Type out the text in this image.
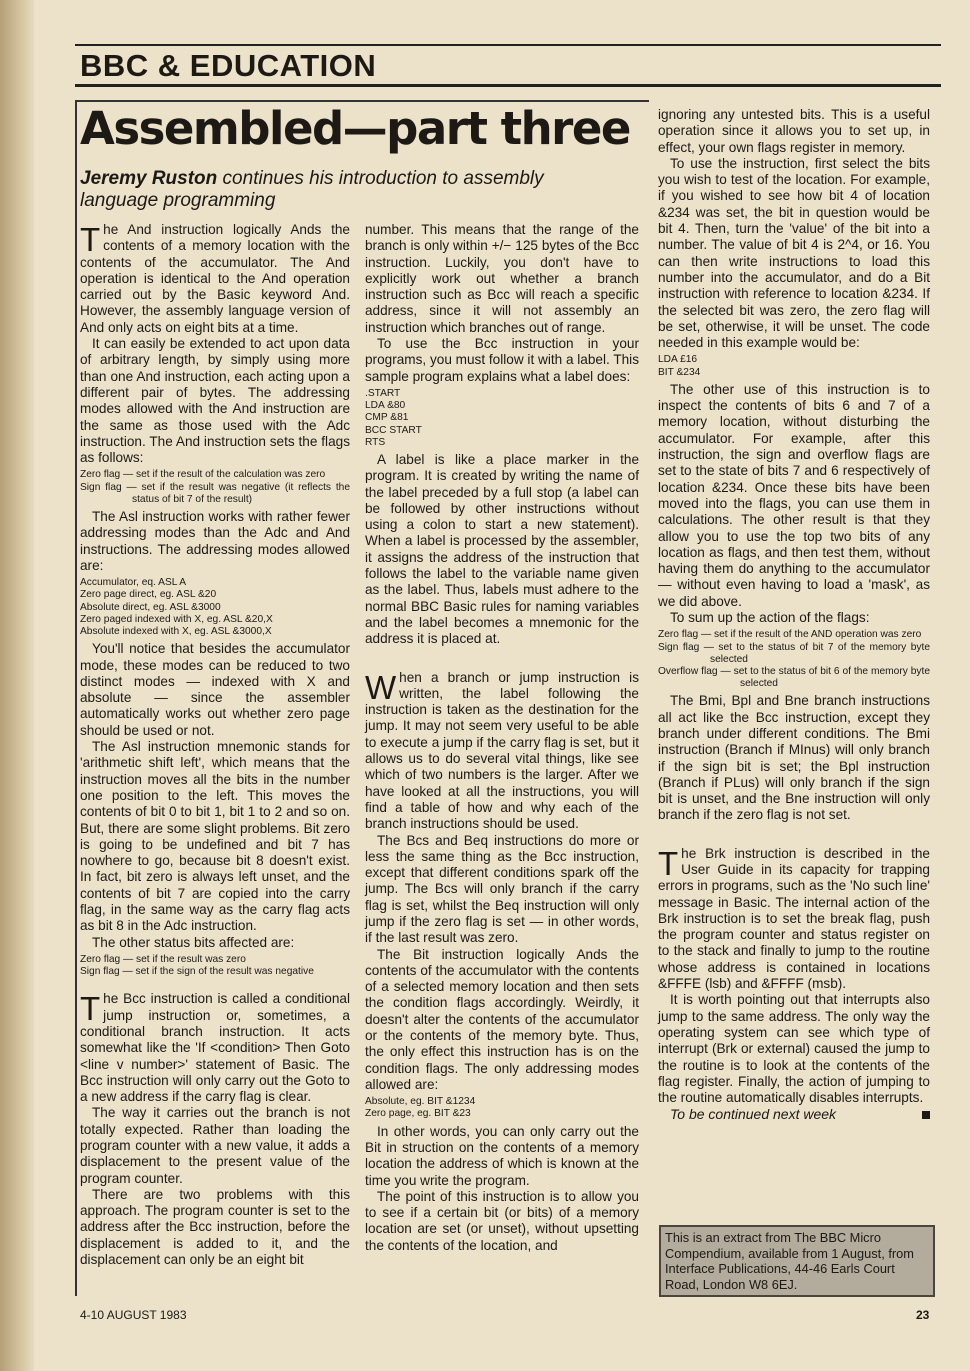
BBC & EDUCATION
Assembled—part three
Jeremy Ruston continues his introduction to assembly language programming

The And instruction logically Ands the contents of a memory location with the contents of the accumulator. The And operation is identical to the And operation carried out by the Basic keyword And. However, the assembly language version of And only acts on eight bits at a time.

It can easily be extended to act upon data of arbitrary length, by simply using more than one And instruction, each acting upon a different pair of bytes. The addressing modes allowed with the And instruction are the same as those used with the Adc instruction. The And instruction sets the flags as follows:

Zero flag — set if the result of the calculation was zero
Sign flag — set if the result was negative (it reflects the status of bit 7 of the result)

The Asl instruction works with rather fewer addressing modes than the Adc and And instructions. The addressing modes allowed are:

Accumulator, eq. ASL A
Zero page direct, eg. ASL &20
Absolute direct, eg. ASL &3000
Zero paged indexed with X, eg. ASL &20,X
Absolute indexed with X, eg. ASL &3000,X

You'll notice that besides the accumulator mode, these modes can be reduced to two distinct modes — indexed with X and absolute — since the assembler automatically works out whether zero page should be used or not.

The Asl instruction mnemonic stands for 'arithmetic shift left', which means that the instruction moves all the bits in the number one position to the left. This moves the contents of bit 0 to bit 1, bit 1 to 2 and so on. But, there are some slight problems. Bit zero is going to be undefined and bit 7 has nowhere to go, because bit 8 doesn't exist. In fact, bit zero is always left unset, and the contents of bit 7 are copied into the carry flag, in the same way as the carry flag acts as bit 8 in the Adc instruction.

The other status bits affected are:

Zero flag — set if the result was zero
Sign flag — set if the sign of the result was negative

The Bcc instruction is called a conditional jump instruction or, sometimes, a conditional branch instruction. It acts somewhat like the 'If <condition> Then Goto <line v number>' statement of Basic. The Bcc instruction will only carry out the Goto to a new address if the carry flag is clear.

The way it carries out the branch is not totally expected. Rather than loading the program counter with a new value, it adds a displacement to the present value of the program counter.

There are two problems with this approach. The program counter is set to the address after the Bcc instruction, before the displacement is added to it, and the displacement can only be an eight bit

number. This means that the range of the branch is only within +/− 125 bytes of the Bcc instruction. Luckily, you don't have to explicitly work out whether a branch instruction such as Bcc will reach a specific address, since it will not assembly an instruction which branches out of range.

To use the Bcc instruction in your programs, you must follow it with a label. This sample program explains what a label does:

.START
LDA &80
CMP &81
BCC START
RTS

A label is like a place marker in the program. It is created by writing the name of the label preceded by a full stop (a label can be followed by other instructions without using a colon to start a new statement). When a label is processed by the assembler, it assigns the address of the instruction that follows the label to the variable name given as the label. Thus, labels must adhere to the normal BBC Basic rules for naming variables and the label becomes a mnemonic for the address it is placed at.

When a branch or jump instruction is written, the label following the instruction is taken as the destination for the jump. It may not seem very useful to be able to execute a jump if the carry flag is set, but it allows us to do several vital things, like see which of two numbers is the larger. After we have looked at all the instructions, you will find a table of how and why each of the branch instructions should be used.

The Bcs and Beq instructions do more or less the same thing as the Bcc instruction, except that different conditions spark off the jump. The Bcs will only branch if the carry flag is set, whilst the Beq instruction will only jump if the zero flag is set — in other words, if the last result was zero.

The Bit instruction logically Ands the contents of the accumulator with the contents of a selected memory location and then sets the condition flags accordingly. Weirdly, it doesn't alter the contents of the accumulator or the contents of the memory byte. Thus, the only effect this instruction has is on the condition flags. The only addressing modes allowed are:

Absolute, eg. BIT &1234
Zero page, eg. BIT &23

In other words, you can only carry out the Bit in struction on the contents of a memory location the address of which is known at the time you write the program.

The point of this instruction is to allow you to see if a certain bit (or bits) of a memory location are set (or unset), without upsetting the contents of the location, and

ignoring any untested bits. This is a useful operation since it allows you to set up, in effect, your own flags register in memory.

To use the instruction, first select the bits you wish to test of the location. For example, if you wished to see how bit 4 of location &234 was set, the bit in question would be bit 4. Then, turn the 'value' of the bit into a number. The value of bit 4 is 2^4, or 16. You can then write instructions to load this number into the accumulator, and do a Bit instruction with reference to location &234. If the selected bit was zero, the zero flag will be set, otherwise, it will be unset. The code needed in this example would be:

LDA £16
BIT &234

The other use of this instruction is to inspect the contents of bits 6 and 7 of a memory location, without disturbing the accumulator. For example, after this instruction, the sign and overflow flags are set to the state of bits 7 and 6 respectively of location &234. Once these bits have been moved into the flags, you can use them in calculations. The other result is that they allow you to use the top two bits of any location as flags, and then test them, without having them do anything to the accumulator — without even having to load a 'mask', as we did above.

To sum up the action of the flags:

Zero flag — set if the result of the AND operation was zero
Sign flag — set to the status of bit 7 of the memory byte selected
Overflow flag — set to the status of bit 6 of the memory byte selected

The Bmi, Bpl and Bne branch instructions all act like the Bcc instruction, except they branch under different conditions. The Bmi instruction (Branch if MInus) will only branch if the sign bit is set; the Bpl instruction (Branch if PLus) will only branch if the sign bit is unset, and the Bne instruction will only branch if the zero flag is not set.

The Brk instruction is described in the User Guide in its capacity for trapping errors in programs, such as the 'No such line' message in Basic. The internal action of the Brk instruction is to set the break flag, push the program counter and status register on to the stack and finally to jump to the routine whose address is contained in locations &FFFE (lsb) and &FFFF (msb).

It is worth pointing out that interrupts also jump to the same address. The only way the operating system can see which type of interrupt (Brk or external) caused the jump to the routine is to look at the contents of the flag register. Finally, the action of jumping to the routine automatically disables interrupts.

To be continued next week

This is an extract from The BBC Micro Compendium, available from 1 August, from Interface Publications, 44-46 Earls Court Road, London W8 6EJ.
4-10 AUGUST 1983	23
